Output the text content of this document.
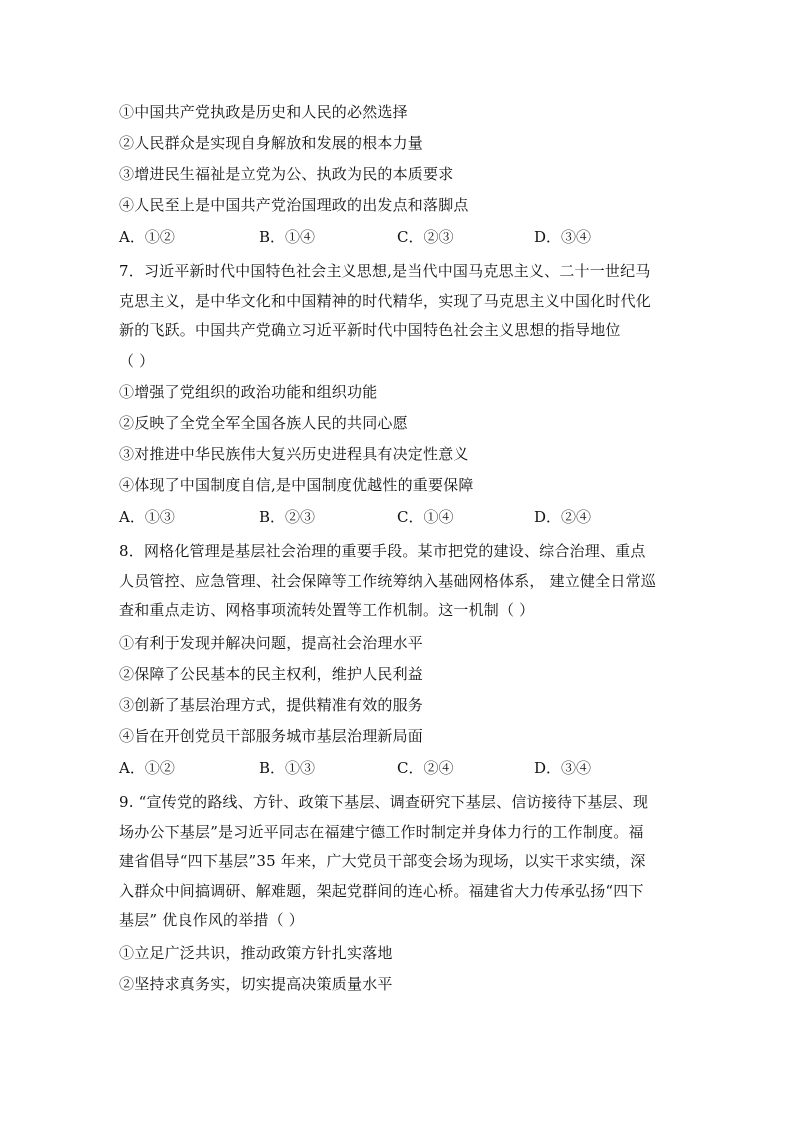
①中国共产党执政是历史和人民的必然选择
②人民群众是实现自身解放和发展的根本力量
③增进民生福祉是立党为公、执政为民的本质要求
④人民至上是中国共产党治国理政的出发点和落脚点
A．①②	B．①④	C．②③	D．③④
7．习近平新时代中国特色社会主义思想,是当代中国马克思主义、二十一世纪马
克思主义，是中华文化和中国精神的时代精华，实现了马克思主义中国化时代化
新的飞跃。中国共产党确立习近平新时代中国特色社会主义思想的指导地位
（ ）
①增强了党组织的政治功能和组织功能
②反映了全党全军全国各族人民的共同心愿
③对推进中华民族伟大复兴历史进程具有决定性意义
④体现了中国制度自信,是中国制度优越性的重要保障
A．①③	B．②③	C．①④	D．②④
8．网格化管理是基层社会治理的重要手段。某市把党的建设、综合治理、重点
人员管控、应急管理、社会保障等工作统筹纳入基础网格体系， 建立健全日常巡
查和重点走访、网格事项流转处置等工作机制。这一机制（ ）
①有利于发现并解决问题，提高社会治理水平
②保障了公民基本的民主权利，维护人民利益
③创新了基层治理方式，提供精准有效的服务
④旨在开创党员干部服务城市基层治理新局面
A．①②	B．①③	C．②④	D．③④
9. “宣传党的路线、方针、政策下基层、调查研究下基层、信访接待下基层、现
场办公下基层”是习近平同志在福建宁德工作时制定并身体力行的工作制度。福
建省倡导“四下基层”35 年来，广大党员干部变会场为现场，以实干求实绩，深
入群众中间搞调研、解难题，架起党群间的连心桥。福建省大力传承弘扬“四下
基层” 优良作风的举措（ ）
①立足广泛共识，推动政策方针扎实落地
②坚持求真务实，切实提高决策质量水平
